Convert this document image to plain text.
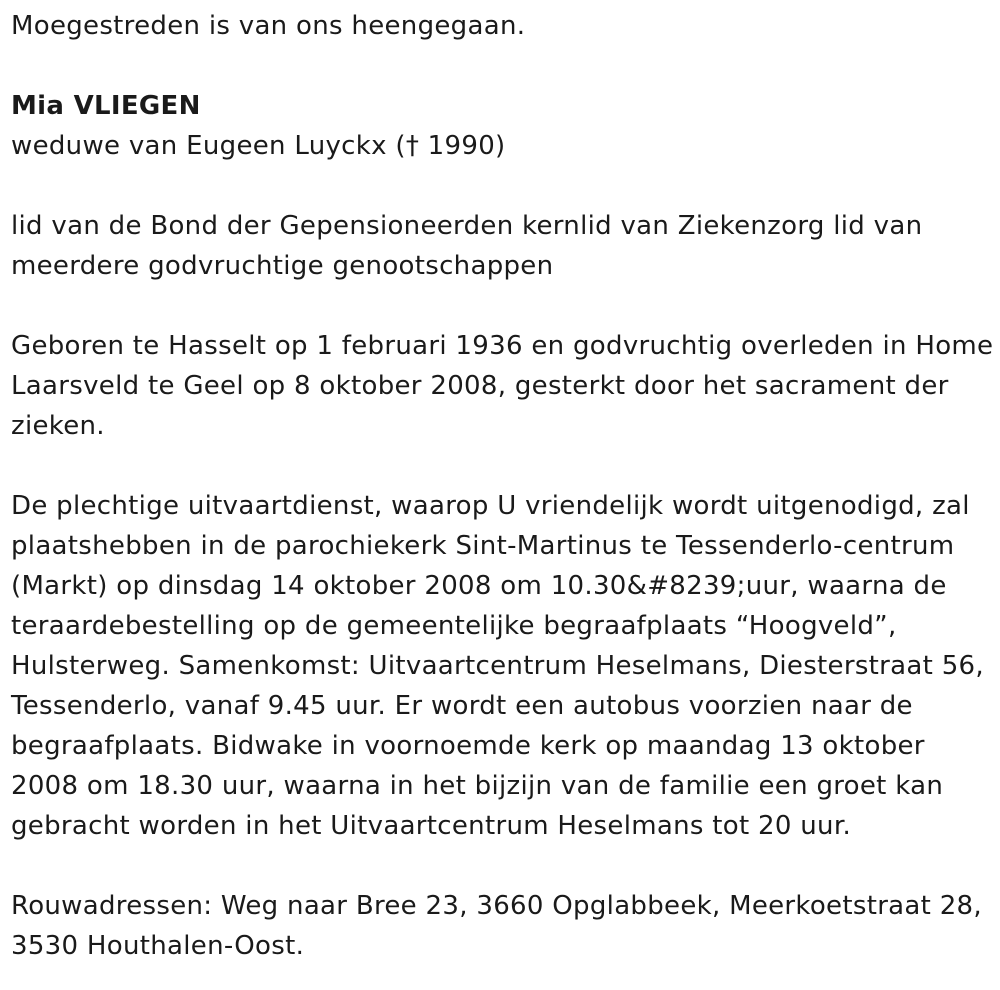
Moegestreden is van ons heengegaan.
Mia VLIEGEN
weduwe van Eugeen Luyckx († 1990)
lid van de Bond der Gepensioneerden kernlid van Ziekenzorg lid van
meerdere godvruchtige genootschappen
Geboren te Hasselt op 1 februari 1936 en godvruchtig overleden in Home
Laarsveld te Geel op 8 oktober 2008, gesterkt door het sacrament der
zieken.
De plechtige uitvaartdienst, waarop U vriendelijk wordt uitgenodigd, zal
plaatshebben in de parochiekerk Sint-Martinus te Tessenderlo-centrum
(Markt) op dinsdag 14 oktober 2008 om 10.30&#8239;uur, waarna de
teraardebestelling op de gemeentelijke begraafplaats “Hoogveld”,
Hulsterweg. Samenkomst: Uitvaartcentrum Heselmans, Diesterstraat 56,
Tessenderlo, vanaf 9.45 uur. Er wordt een autobus voorzien naar de
begraafplaats. Bidwake in voornoemde kerk op maandag 13 oktober
2008 om 18.30 uur, waarna in het bijzijn van de familie een groet kan
gebracht worden in het Uitvaartcentrum Heselmans tot 20 uur.
Rouwadressen: Weg naar Bree 23, 3660 Opglabbeek, Meerkoetstraat 28,
3530 Houthalen-Oost.
